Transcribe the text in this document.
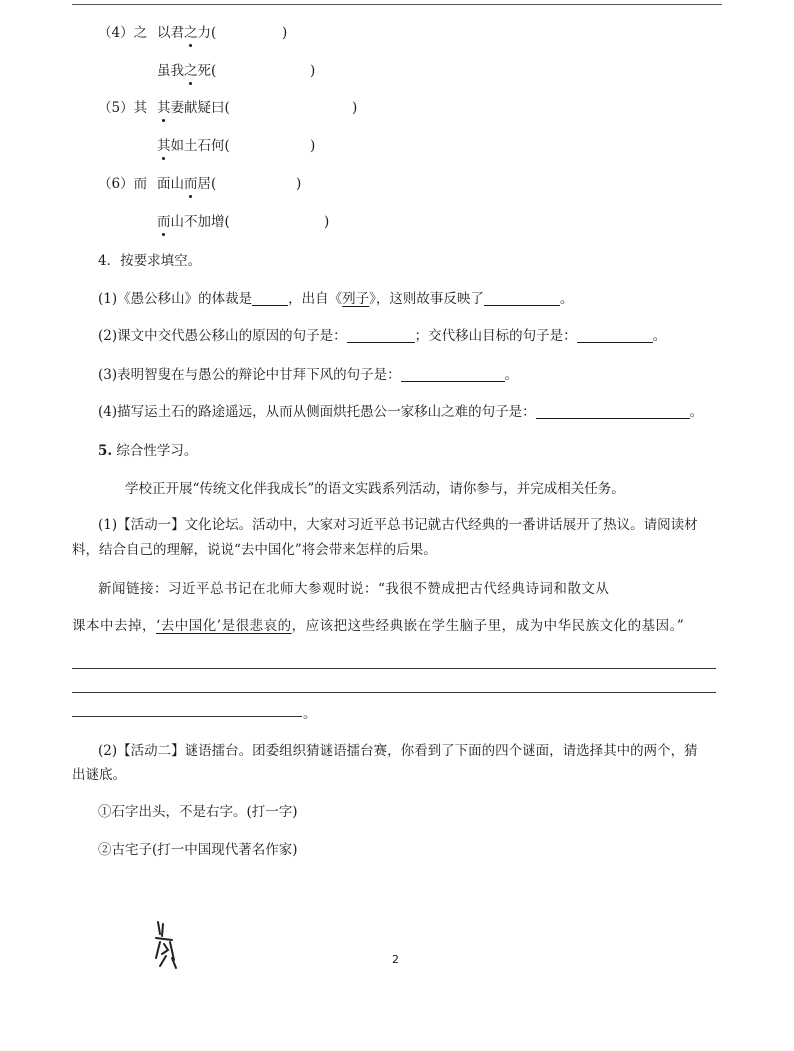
（4）之 以君之力(	)
虽我之死(	)
（5）其 其妻献疑曰(	)
其如土石何(	)
（6）而 面山而居(	)
而山不加增(	)
4．按要求填空。
(1)《愚公移山》的体裁是	，出自《列子》，这则故事反映了	。
(2)课文中交代愚公移山的原因的句子是：	；交代移山目标的句子是：	。
(3)表明智叟在与愚公的辩论中甘拜下风的句子是：	。
(4)描写运土石的路途遥远，从而从侧面烘托愚公一家移山之难的句子是：	。
5. 综合性学习。
学校正开展“传统文化伴我成长”的语文实践系列活动，请你参与，并完成相关任务。
(1)【活动一】文化论坛。活动中，大家对习近平总书记就古代经典的一番讲话展开了热议。请阅读材
料，结合自己的理解，说说“去中国化”将会带来怎样的后果。
新闻链接：习近平总书记在北师大参观时说：“我很不赞成把古代经典诗词和散文从
课本中去掉，‘去中国化’是很悲哀的，应该把这些经典嵌在学生脑子里，成为中华民族文化的基因。”
。
(2)【活动二】谜语擂台。团委组织猜谜语擂台赛，你看到了下面的四个谜面，请选择其中的两个，猜
出谜底。
①石字出头，不是右字。(打一字)
②古宅子(打一中国现代著名作家)
2
